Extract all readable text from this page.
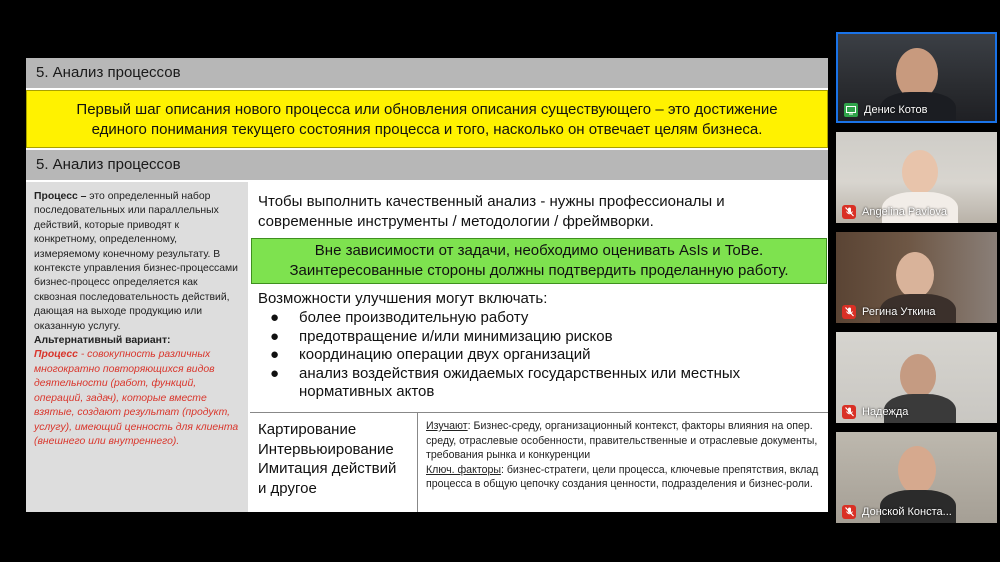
5. Анализ процессов
Первый шаг описания нового процесса или обновления описания существующего – это достижение единого понимания текущего состояния процесса и того, насколько он отвечает целям бизнеса.
5. Анализ процессов
Процесс – это определенный набор последовательных или параллельных действий, которые приводят к конкретному, определенному, измеряемому конечному результату. В контексте управления бизнес-процессами бизнес-процесс определяется как сквозная последовательность действий, дающая на выходе продукцию или оказанную услугу.
Альтернативный вариант:
Процесс - совокупность различных многократно повторяющихся видов деятельности (работ, функций, операций, задач), которые вместе взятые, создают результат (продукт, услугу), имеющий ценность для клиента (внешнего или внутреннего).
Чтобы выполнить качественный анализ - нужны профессионалы и современные инструменты / методологии / фреймворки.
Вне зависимости от задачи, необходимо оценивать AsIs и ToBe. Заинтересованные стороны должны подтвердить проделанную работу.
Возможности улучшения могут включать:
● более производительную работу
● предотвращение и/или минимизацию рисков
● координацию операции двух организаций
● анализ воздействия ожидаемых государственных или местных нормативных актов
Картирование
Интервьюирование
Имитация действий
и другое
Изучают: Бизнес-среду, организационный контекст, факторы влияния на опер. среду, отраслевые особенности, правительственные и отраслевые документы, требования рынка и конкуренции
Ключ. факторы: бизнес-стратеги, цели процесса, ключевые препятствия, вклад процесса в общую цепочку создания ценности, подразделения и бизнес-роли.
Денис Котов
Angelina Pavlova
Регина Уткина
Надежда
Донской Конста...
